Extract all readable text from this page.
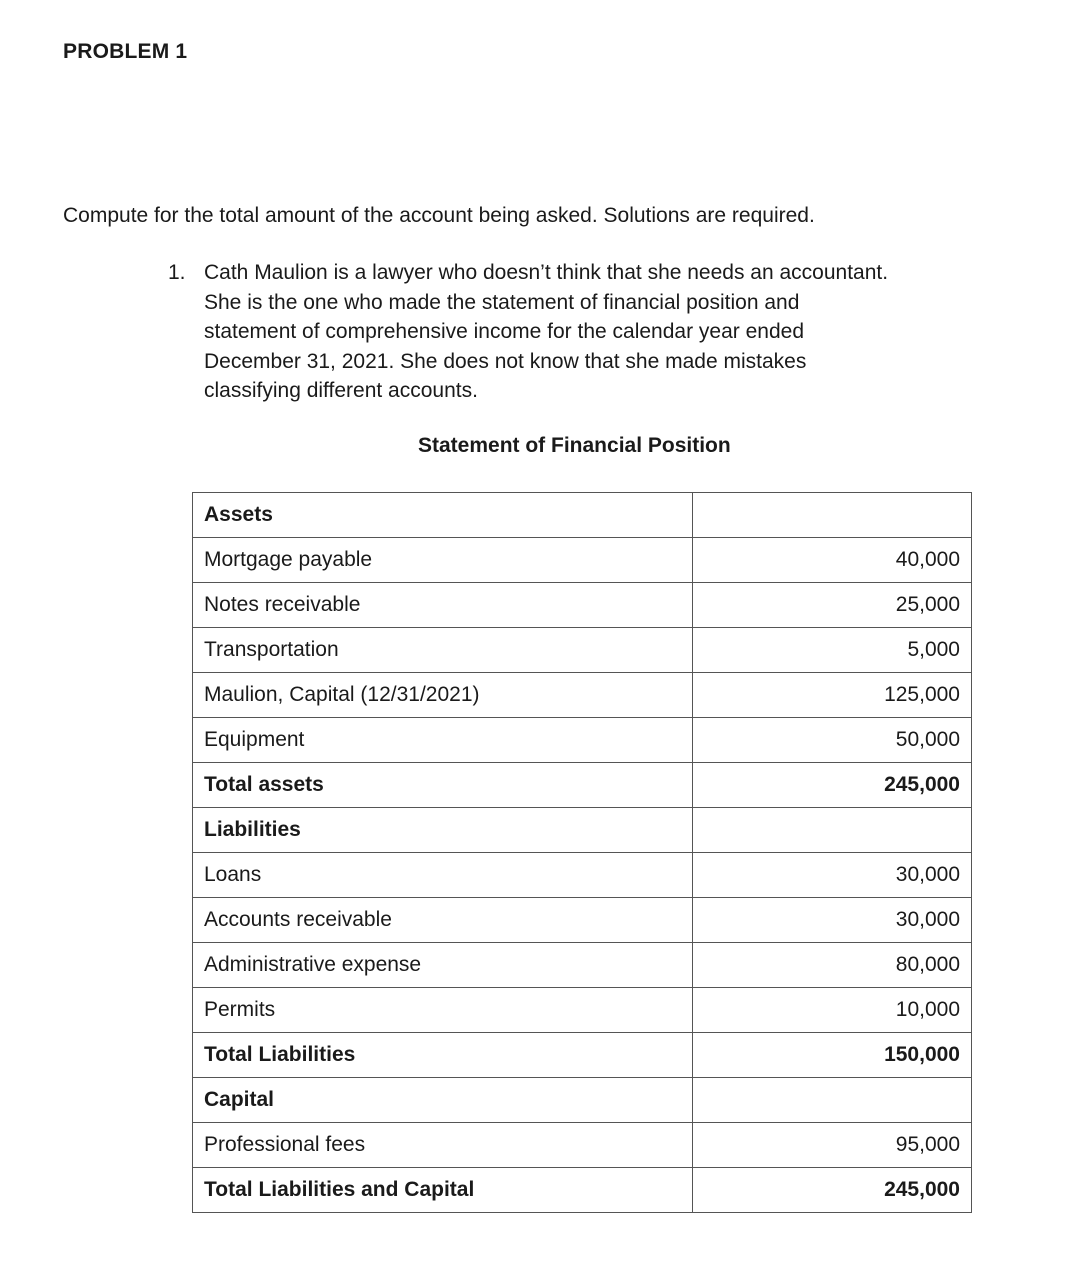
PROBLEM 1

Compute for the total amount of the account being asked. Solutions are required.

1. Cath Maulion is a lawyer who doesn’t think that she needs an accountant.

She is the one who made the statement of financial position and

statement of comprehensive income for the calendar year ended

December 31, 2021. She does not know that she made mistakes

classifying different accounts.

Statement of Financial Position
Assets	
Mortgage payable	40,000
Notes receivable	25,000
Transportation	5,000
Maulion, Capital (12/31/2021)	125,000
Equipment	50,000
Total assets	245,000
Liabilities	
Loans	30,000
Accounts receivable	30,000
Administrative expense	80,000
Permits	10,000
Total Liabilities	150,000
Capital	
Professional fees	95,000
Total Liabilities and Capital	245,000
